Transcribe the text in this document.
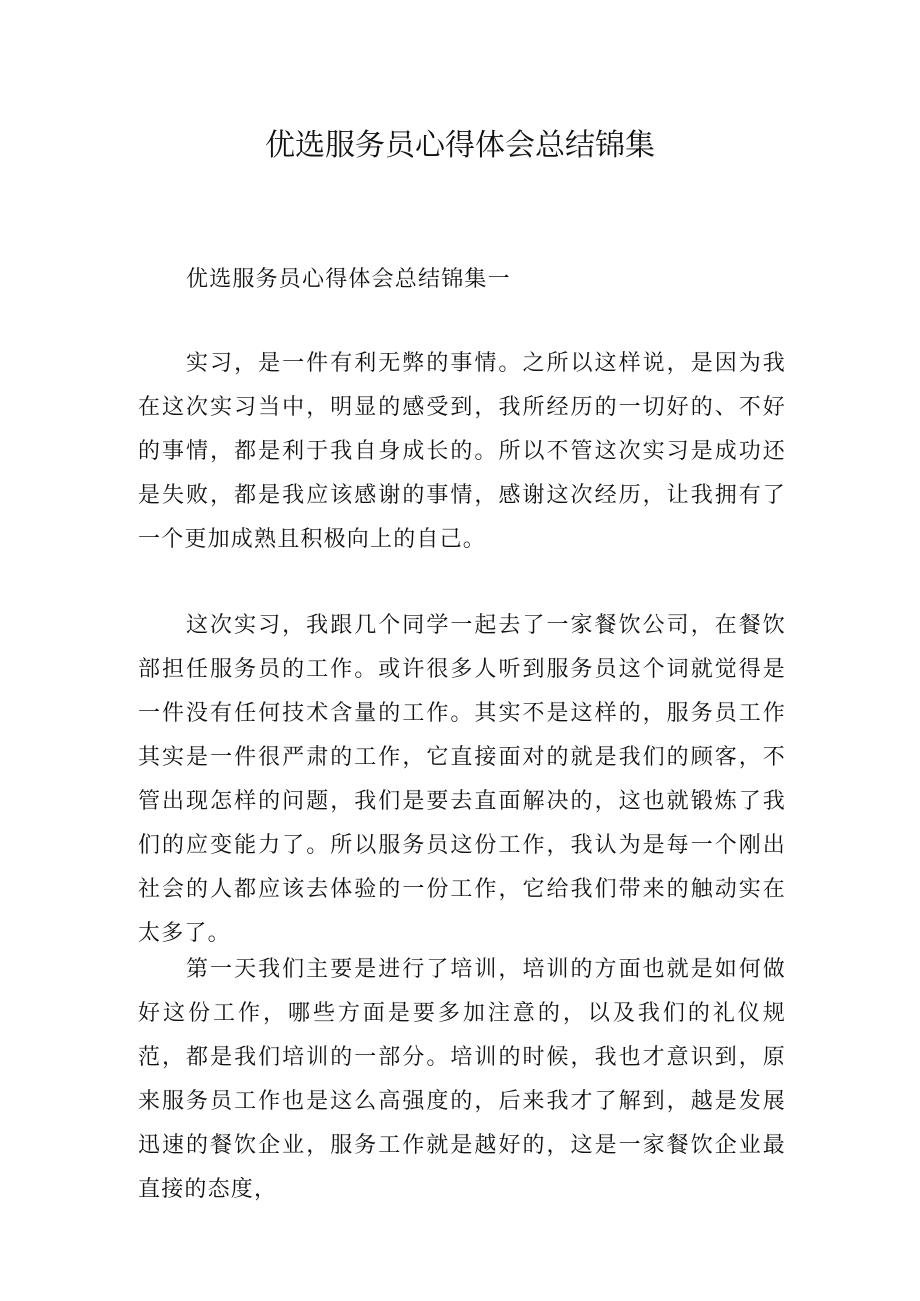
优选服务员心得体会总结锦集

优选服务员心得体会总结锦集一

实习，是一件有利无弊的事情。之所以这样说，是因为我在这次实习当中，明显的感受到，我所经历的一切好的、不好的事情，都是利于我自身成长的。所以不管这次实习是成功还是失败，都是我应该感谢的事情，感谢这次经历，让我拥有了一个更加成熟且积极向上的自己。

这次实习，我跟几个同学一起去了一家餐饮公司，在餐饮部担任服务员的工作。或许很多人听到服务员这个词就觉得是一件没有任何技术含量的工作。其实不是这样的，服务员工作其实是一件很严肃的工作，它直接面对的就是我们的顾客，不管出现怎样的问题，我们是要去直面解决的，这也就锻炼了我们的应变能力了。所以服务员这份工作，我认为是每一个刚出社会的人都应该去体验的一份工作，它给我们带来的触动实在太多了。

第一天我们主要是进行了培训，培训的方面也就是如何做好这份工作，哪些方面是要多加注意的，以及我们的礼仪规范，都是我们培训的一部分。培训的时候，我也才意识到，原来服务员工作也是这么高强度的，后来我才了解到，越是发展迅速的餐饮企业，服务工作就是越好的，这是一家餐饮企业最直接的态度，
